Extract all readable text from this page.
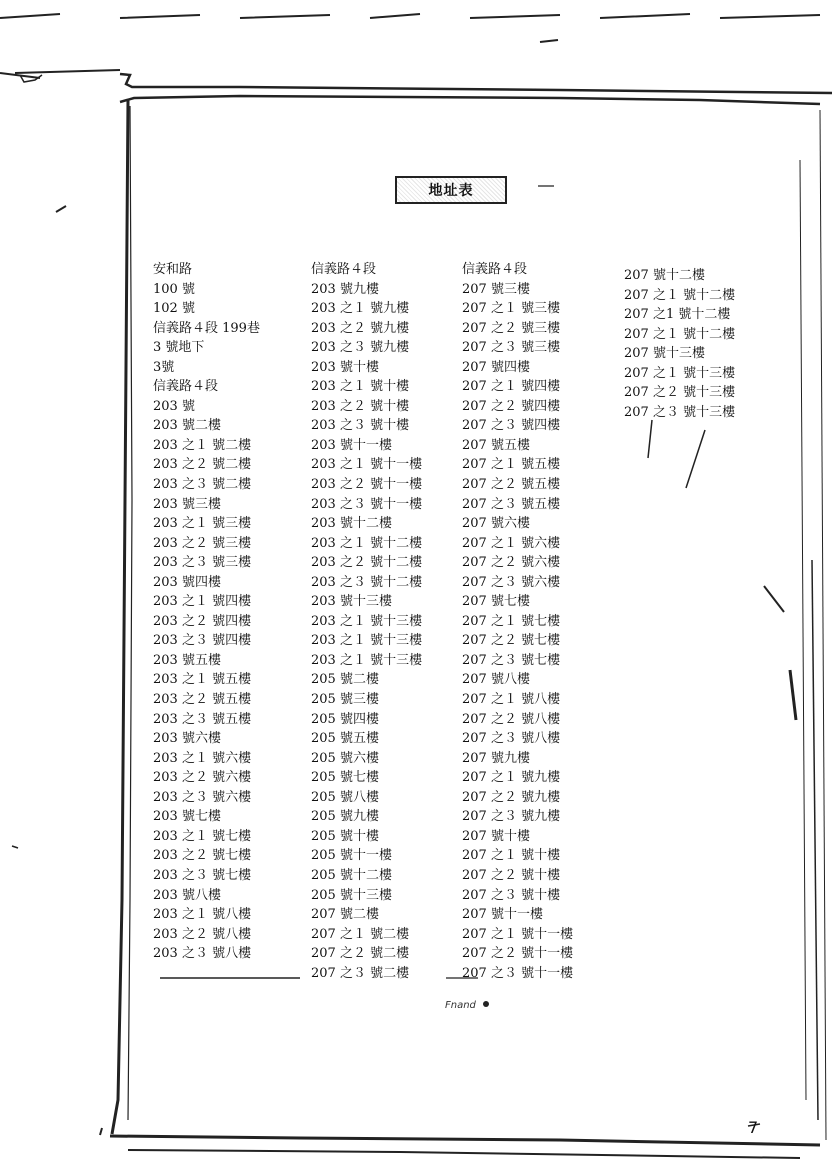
地址表
安和路
100 號
102 號
信義路４段 199巷
3 號地下
3號
信義路４段
203 號
203 號二樓
203 之１ 號二樓
203 之２ 號二樓
203 之３ 號二樓
203 號三樓
203 之１ 號三樓
203 之２ 號三樓
203 之３ 號三樓
203 號四樓
203 之１ 號四樓
203 之２ 號四樓
203 之３ 號四樓
203 號五樓
203 之１ 號五樓
203 之２ 號五樓
203 之３ 號五樓
203 號六樓
203 之１ 號六樓
203 之２ 號六樓
203 之３ 號六樓
203 號七樓
203 之１ 號七樓
203 之２ 號七樓
203 之３ 號七樓
203 號八樓
203 之１ 號八樓
203 之２ 號八樓
203 之３ 號八樓
信義路４段
203 號九樓
203 之１ 號九樓
203 之２ 號九樓
203 之３ 號九樓
203 號十樓
203 之１ 號十樓
203 之２ 號十樓
203 之３ 號十樓
203 號十一樓
203 之１ 號十一樓
203 之２ 號十一樓
203 之３ 號十一樓
203 號十二樓
203 之１ 號十二樓
203 之２ 號十二樓
203 之３ 號十二樓
203 號十三樓
203 之１ 號十三樓
203 之１ 號十三樓
203 之１ 號十三樓
205 號二樓
205 號三樓
205 號四樓
205 號五樓
205 號六樓
205 號七樓
205 號八樓
205 號九樓
205 號十樓
205 號十一樓
205 號十二樓
205 號十三樓
207 號二樓
207 之１ 號二樓
207 之２ 號二樓
207 之３ 號二樓
信義路４段
207 號三樓
207 之１ 號三樓
207 之２ 號三樓
207 之３ 號三樓
207 號四樓
207 之１ 號四樓
207 之２ 號四樓
207 之３ 號四樓
207 號五樓
207 之１ 號五樓
207 之２ 號五樓
207 之３ 號五樓
207 號六樓
207 之１ 號六樓
207 之２ 號六樓
207 之３ 號六樓
207 號七樓
207 之１ 號七樓
207 之２ 號七樓
207 之３ 號七樓
207 號八樓
207 之１ 號八樓
207 之２ 號八樓
207 之３ 號八樓
207 號九樓
207 之１ 號九樓
207 之２ 號九樓
207 之３ 號九樓
207 號十樓
207 之１ 號十樓
207 之２ 號十樓
207 之３ 號十樓
207 號十一樓
207 之１ 號十一樓
207 之２ 號十一樓
207 之３ 號十一樓
207 號十二樓
207 之１ 號十二樓
207 之1 號十二樓
207 之１ 號十二樓
207 號十三樓
207 之１ 號十三樓
207 之２ 號十三樓
207 之３ 號十三樓
Fnand
7
